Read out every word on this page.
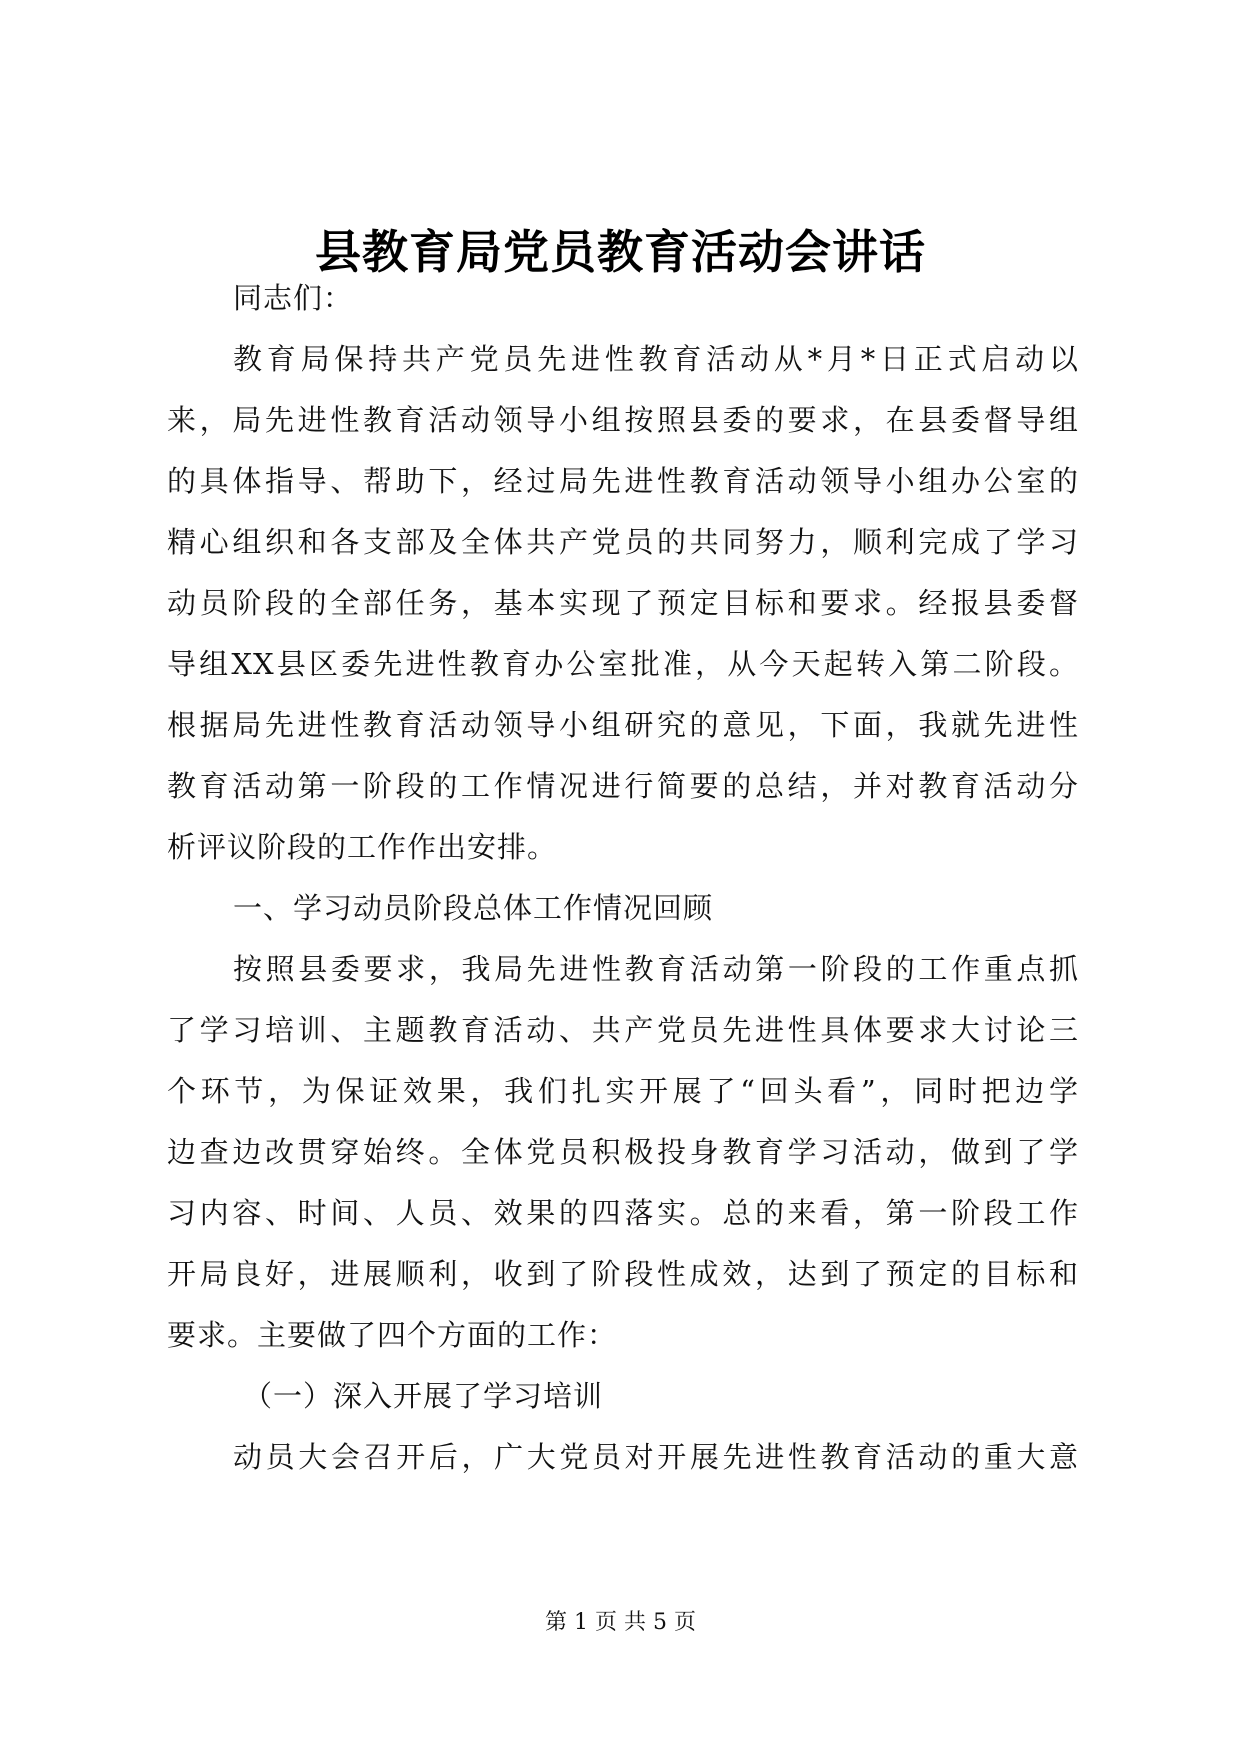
县教育局党员教育活动会讲话
同志们：
教育局保持共产党员先进性教育活动从*月*日正式启动以
来，局先进性教育活动领导小组按照县委的要求，在县委督导组
的具体指导、帮助下，经过局先进性教育活动领导小组办公室的
精心组织和各支部及全体共产党员的共同努力，顺利完成了学习
动员阶段的全部任务，基本实现了预定目标和要求。经报县委督
导组XX县区委先进性教育办公室批准，从今天起转入第二阶段。
根据局先进性教育活动领导小组研究的意见，下面，我就先进性
教育活动第一阶段的工作情况进行简要的总结，并对教育活动分
析评议阶段的工作作出安排。
一、学习动员阶段总体工作情况回顾
按照县委要求，我局先进性教育活动第一阶段的工作重点抓
了学习培训、主题教育活动、共产党员先进性具体要求大讨论三
个环节，为保证效果，我们扎实开展了“回头看”，同时把边学
边查边改贯穿始终。全体党员积极投身教育学习活动，做到了学
习内容、时间、人员、效果的四落实。总的来看，第一阶段工作
开局良好，进展顺利，收到了阶段性成效，达到了预定的目标和
要求。主要做了四个方面的工作：
（一）深入开展了学习培训
动员大会召开后，广大党员对开展先进性教育活动的重大意
第 1 页 共 5 页
